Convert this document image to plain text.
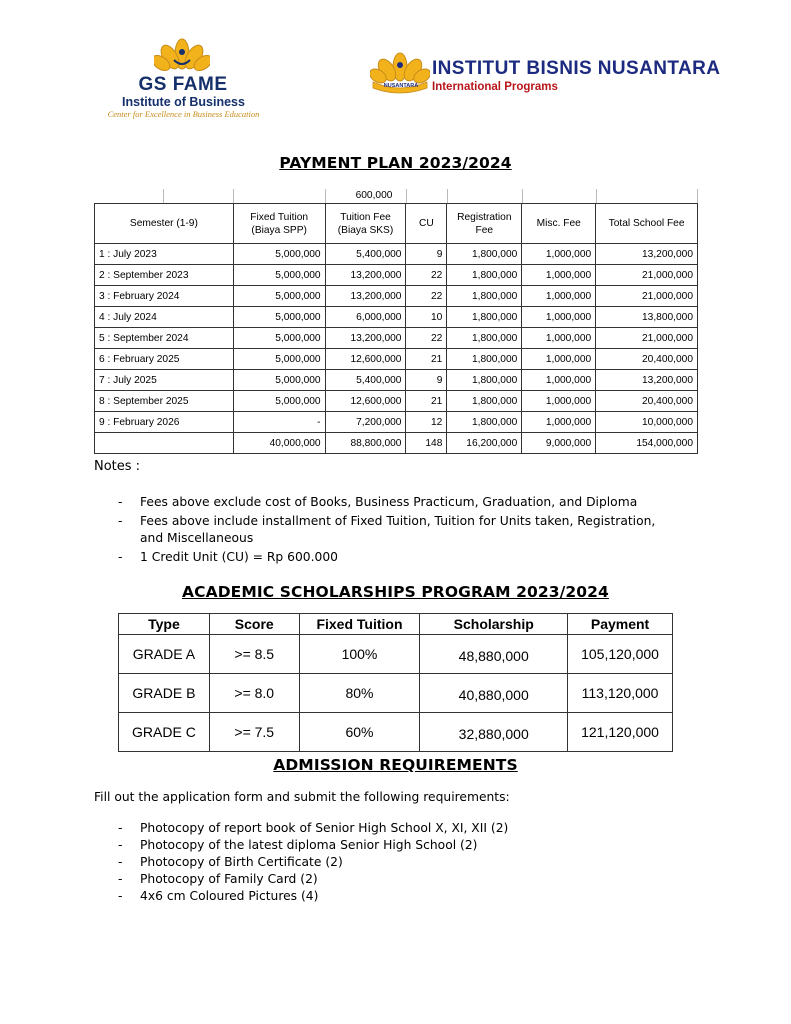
GS FAME
Institute of Business
Center for Excellence in Business Education
NUSANTARA
INSTITUT BISNIS NUSANTARA
International Programs
PAYMENT PLAN 2023/2024
600,000
Semester (1-9)	Fixed Tuition (Biaya SPP)	Tuition Fee (Biaya SKS)	CU	Registration Fee	Misc. Fee	Total School Fee
1 : July 2023	5,000,000	5,400,000	9	1,800,000	1,000,000	13,200,000
2 : September 2023	5,000,000	13,200,000	22	1,800,000	1,000,000	21,000,000
3 : February 2024	5,000,000	13,200,000	22	1,800,000	1,000,000	21,000,000
4 : July 2024	5,000,000	6,000,000	10	1,800,000	1,000,000	13,800,000
5 : September 2024	5,000,000	13,200,000	22	1,800,000	1,000,000	21,000,000
6 : February 2025	5,000,000	12,600,000	21	1,800,000	1,000,000	20,400,000
7 : July 2025	5,000,000	5,400,000	9	1,800,000	1,000,000	13,200,000
8 : September 2025	5,000,000	12,600,000	21	1,800,000	1,000,000	20,400,000
9 : February 2026	-	7,200,000	12	1,800,000	1,000,000	10,000,000
	40,000,000	88,800,000	148	16,200,000	9,000,000	154,000,000
Notes :
- Fees above exclude cost of Books, Business Practicum, Graduation, and Diploma
- Fees above include installment of Fixed Tuition, Tuition for Units taken, Registration, and Miscellaneous
- 1 Credit Unit (CU) = Rp 600.000
ACADEMIC SCHOLARSHIPS PROGRAM 2023/2024
Type	Score	Fixed Tuition	Scholarship	Payment
GRADE A	>= 8.5	100%	48,880,000	105,120,000
GRADE B	>= 8.0	80%	40,880,000	113,120,000
GRADE C	>= 7.5	60%	32,880,000	121,120,000
ADMISSION REQUIREMENTS
Fill out the application form and submit the following requirements:
- Photocopy of report book of Senior High School X, XI, XII (2)
- Photocopy of the latest diploma Senior High School (2)
- Photocopy of Birth Certificate (2)
- Photocopy of Family Card (2)
- 4x6 cm Coloured Pictures (4)
